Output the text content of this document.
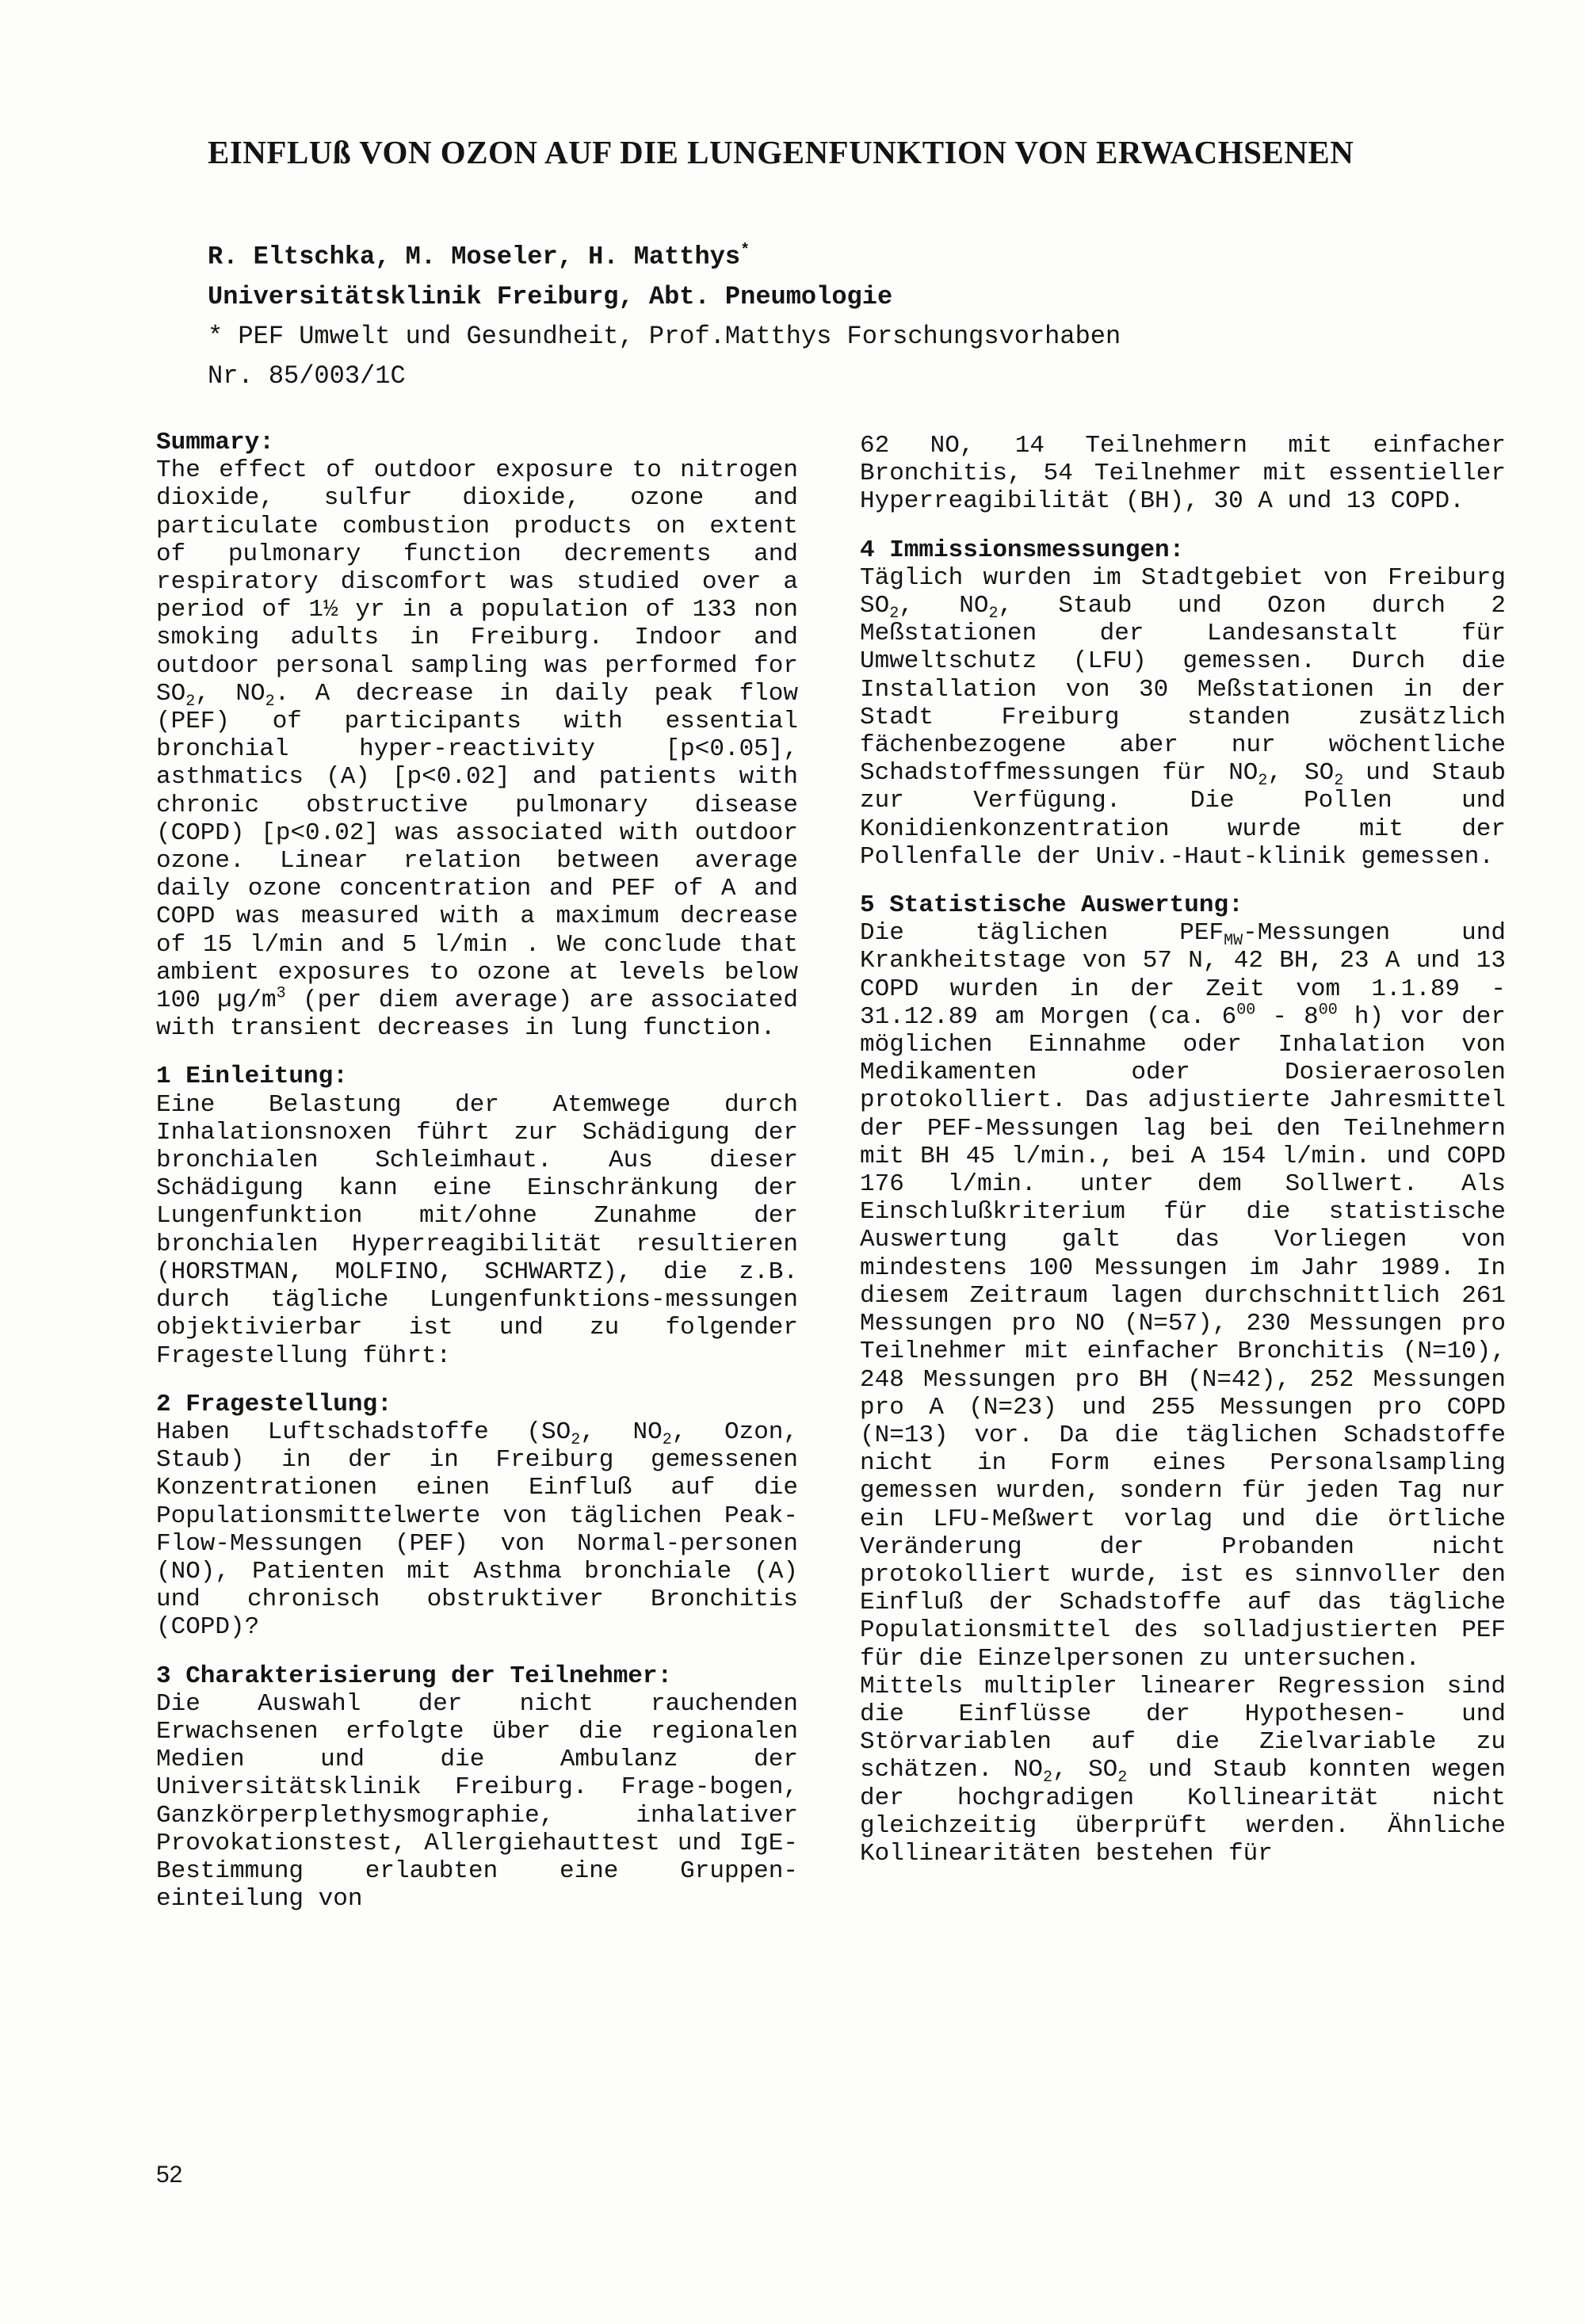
EINFLUß VON OZON AUF DIE LUNGENFUNKTION VON ERWACHSENEN
R. Eltschka, M. Moseler, H. Matthys*
Universitätsklinik Freiburg, Abt. Pneumologie
* PEF Umwelt und Gesundheit, Prof.Matthys Forschungsvorhaben
Nr. 85/003/1C

Summary:

The effect of outdoor exposure to nitrogen dioxide, sulfur dioxide, ozone and particulate combustion products on extent of pulmonary function decrements and respiratory discomfort was studied over a period of 1½ yr in a population of 133 non smoking adults in Freiburg. Indoor and outdoor personal sampling was performed for $SO_2$, $NO_2$. A decrease in daily peak flow (PEF) of participants with essential bronchial hyper-reactivity [p<0.05], asthmatics (A) [p<0.02] and patients with chronic obstructive pulmonary disease (COPD) [p<0.02] was associated with outdoor ozone. Linear relation between average daily ozone concentration and PEF of A and COPD was measured with a maximum decrease of 15 l/min and 5 l/min . We conclude that ambient exposures to ozone at levels below 100 $\mu g/m^3$ (per diem average) are associated with transient decreases in lung function.

1 Einleitung:

Eine Belastung der Atemwege durch Inhalationsnoxen führt zur Schädigung der bronchialen Schleimhaut. Aus dieser Schädigung kann eine Einschränkung der Lungenfunktion mit/ohne Zunahme der bronchialen Hyperreagibilität resultieren (HORSTMAN, MOLFINO, SCHWARTZ), die z.B. durch tägliche Lungenfunktions-messungen objektivierbar ist und zu folgender Fragestellung führt:

2 Fragestellung:

Haben Luftschadstoffe ($SO_2$, $NO_2$, Ozon, Staub) in der in Freiburg gemessenen Konzentrationen einen Einfluß auf die Populationsmittelwerte von täglichen Peak-Flow-Messungen (PEF) von Normal-personen (NO), Patienten mit Asthma bronchiale (A) und chronisch obstruktiver Bronchitis (COPD)?

3 Charakterisierung der Teilnehmer:

Die Auswahl der nicht rauchenden Erwachsenen erfolgte über die regionalen Medien und die Ambulanz der Universitätsklinik Freiburg. Frage-bogen, Ganzkörperplethysmographie, inhalativer Provokationstest, Allergiehauttest und IgE-Bestimmung erlaubten eine Gruppen-einteilung von

62 NO, 14 Teilnehmern mit einfacher Bronchitis, 54 Teilnehmer mit essentieller Hyperreagibilität (BH), 30 A und 13 COPD.

4 Immissionsmessungen:

Täglich wurden im Stadtgebiet von Freiburg $SO_2$, $NO_2$, Staub und Ozon durch 2 Meßstationen der Landesanstalt für Umweltschutz (LFU) gemessen. Durch die Installation von 30 Meßstationen in der Stadt Freiburg standen zusätzlich fächenbezogene aber nur wöchentliche Schadstoffmessungen für $NO_2$, $SO_2$ und Staub zur Verfügung. Die Pollen und Konidienkonzentration wurde mit der Pollenfalle der Univ.-Haut-klinik gemessen.

5 Statistische Auswertung:

Die täglichen $PEF_{MW}$-Messungen und Krankheitstage von 57 N, 42 BH, 23 A und 13 COPD wurden in der Zeit vom 1.1.89 - 31.12.89 am Morgen (ca. $6^{00} - 8^{00}$ h) vor der möglichen Einnahme oder Inhalation von Medikamenten oder Dosieraerosolen protokolliert. Das adjustierte Jahresmittel der PEF-Messungen lag bei den Teilnehmern mit BH 45 l/min., bei A 154 l/min. und COPD 176 l/min. unter dem Sollwert. Als Einschlußkriterium für die statistische Auswertung galt das Vorliegen von mindestens 100 Messungen im Jahr 1989. In diesem Zeitraum lagen durchschnittlich 261 Messungen pro NO (N=57), 230 Messungen pro Teilnehmer mit einfacher Bronchitis (N=10), 248 Messungen pro BH (N=42), 252 Messungen pro A (N=23) und 255 Messungen pro COPD (N=13) vor. Da die täglichen Schadstoffe nicht in Form eines Personalsampling gemessen wurden, sondern für jeden Tag nur ein LFU-Meßwert vorlag und die örtliche Veränderung der Probanden nicht protokolliert wurde, ist es sinnvoller den Einfluß der Schadstoffe auf das tägliche Populationsmittel des solladjustierten PEF für die Einzelpersonen zu untersuchen.

Mittels multipler linearer Regression sind die Einflüsse der Hypothesen- und Störvariablen auf die Zielvariable zu schätzen. $NO_2$, $SO_2$ und Staub konnten wegen der hochgradigen Kollinearität nicht gleichzeitig überprüft werden. Ähnliche Kollinearitäten bestehen für

52
